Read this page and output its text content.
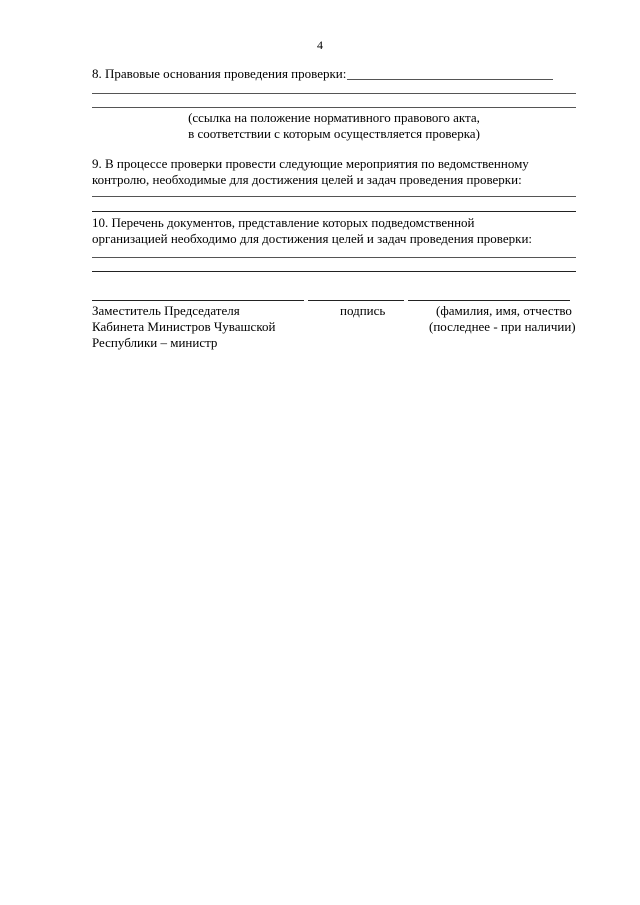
4
8. Правовые основания проведения проверки:
(ссылка на положение нормативного правового акта,
в соответствии с которым осуществляется проверка)
9. В процессе проверки провести следующие мероприятия по ведомственному
контролю, необходимые для достижения целей и задач проведения проверки:
10. Перечень документов, представление которых подведомственной
организацией необходимо для достижения целей и задач проведения проверки:
Заместитель Председателя
Кабинета Министров Чувашской
Республики – министр
подпись	(фамилия, имя, отчество
(последнее - при наличии)
